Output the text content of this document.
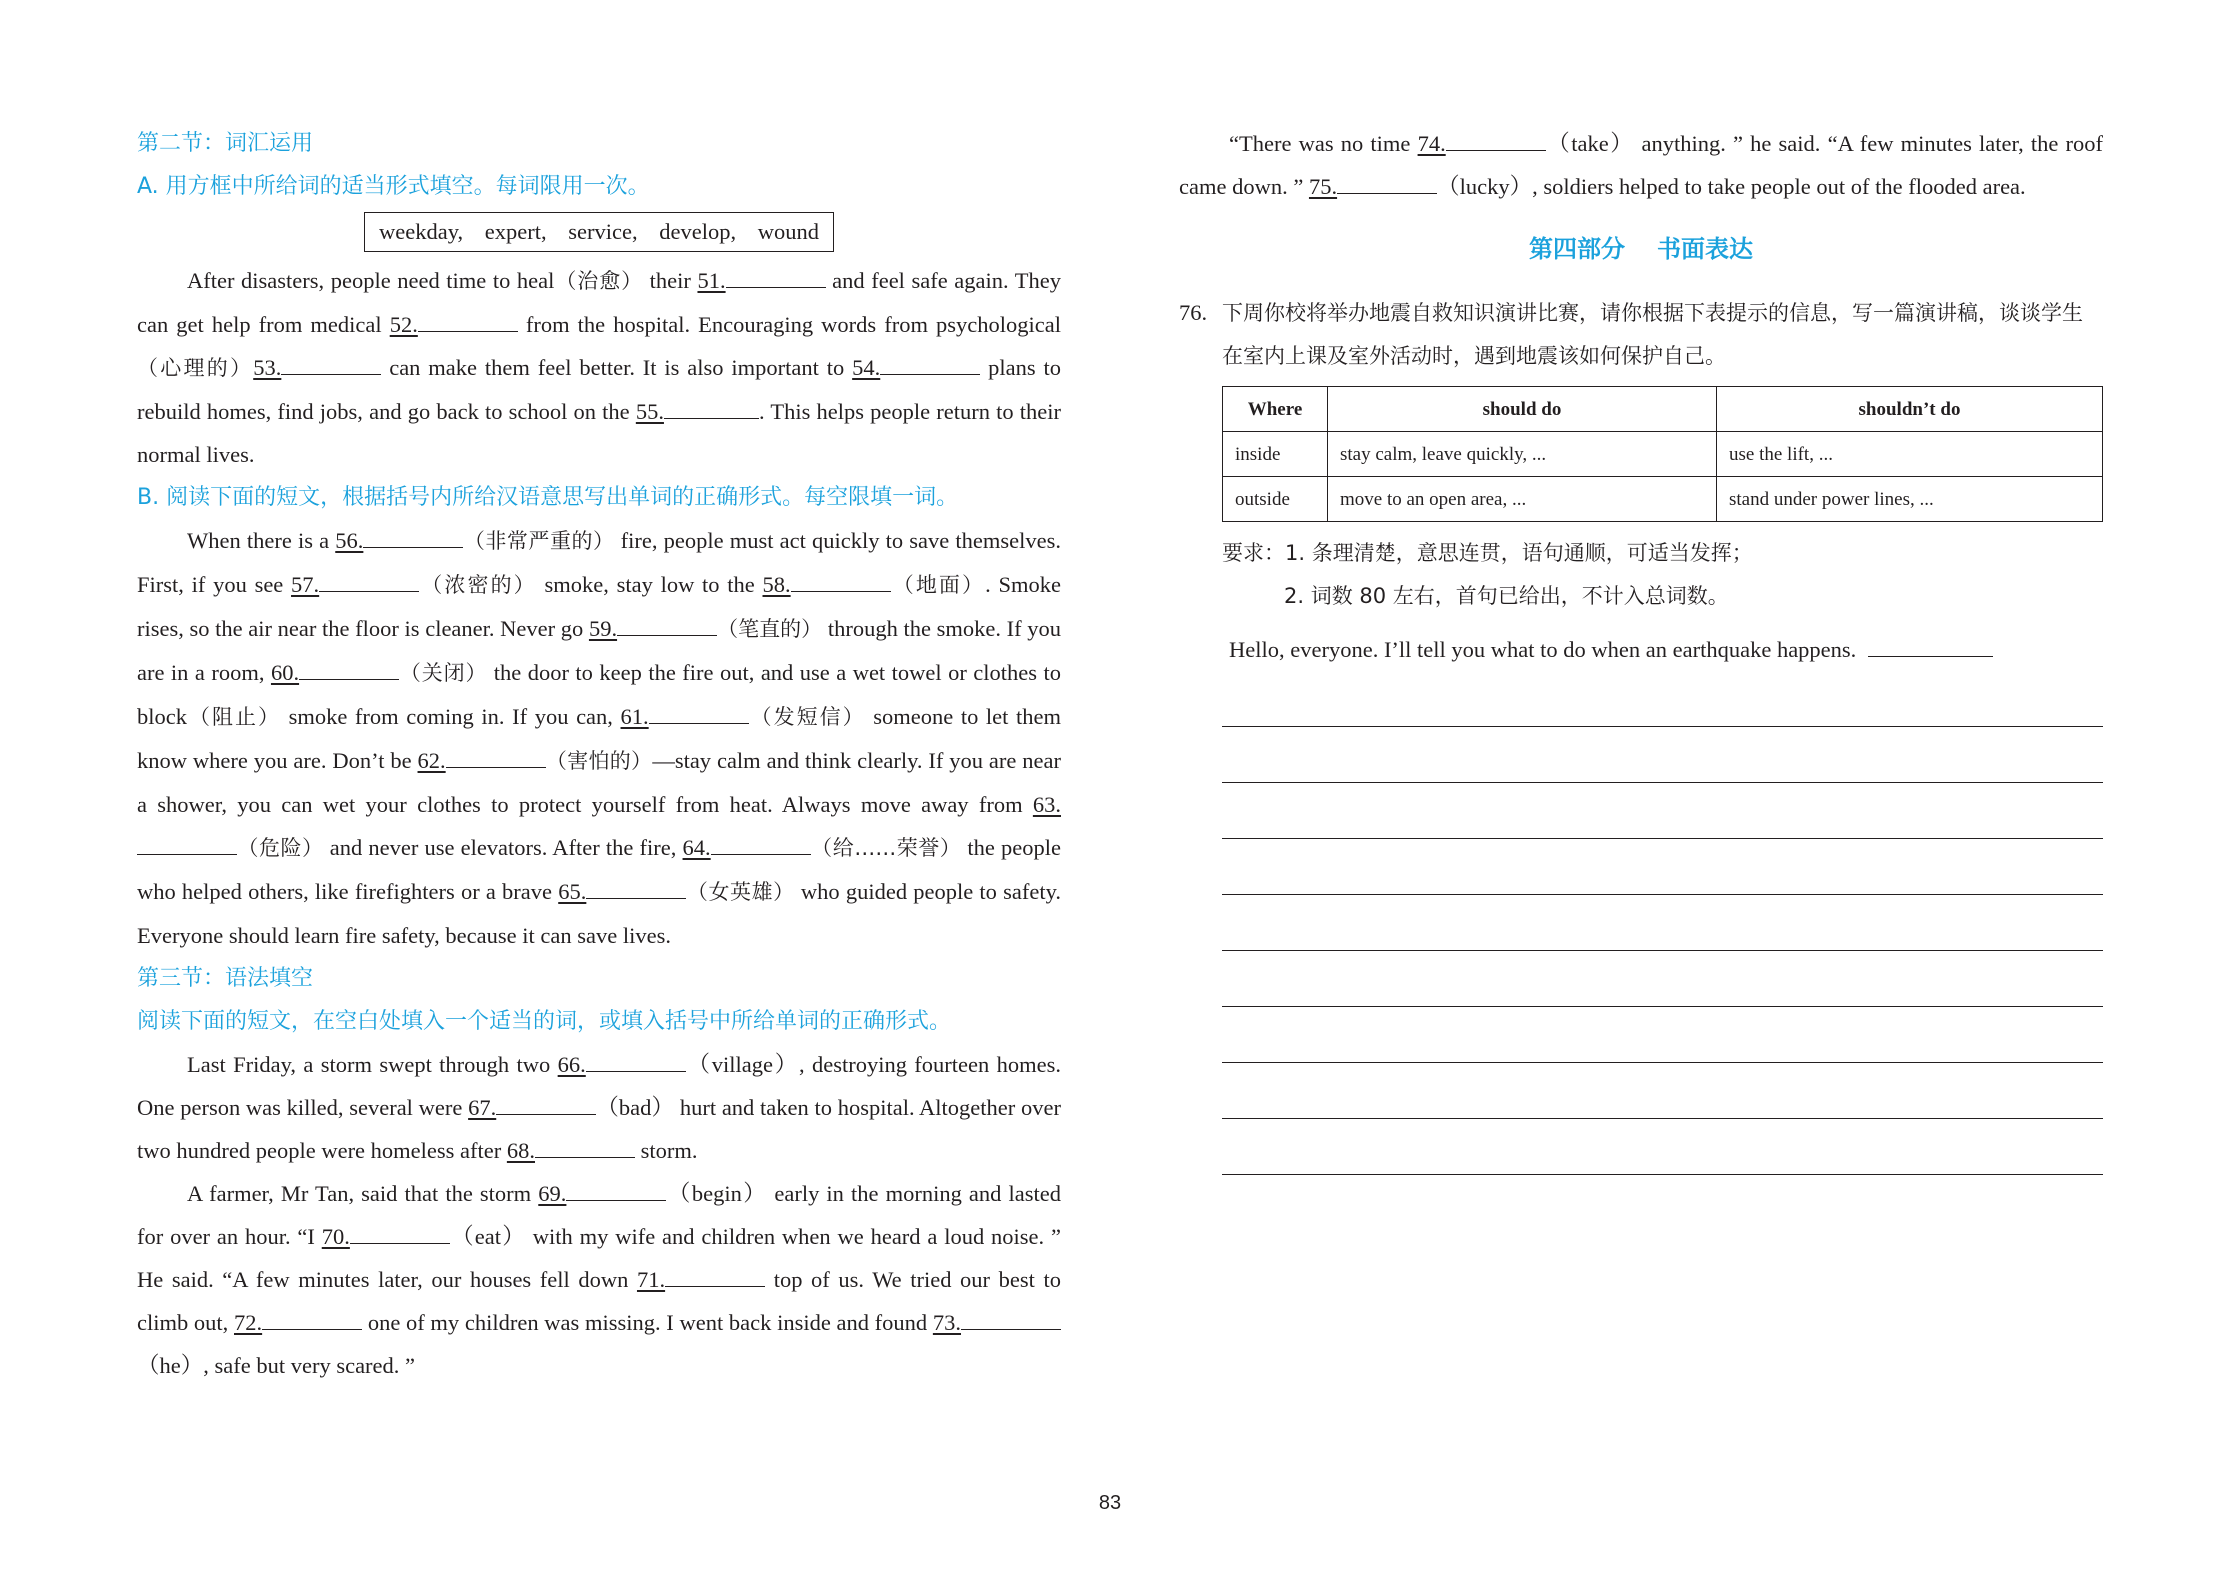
第二节：词汇运用
A. 用方框中所给词的适当形式填空。每词限用一次。
weekday, expert, service, develop, wound

After disasters, people need time to heal（治愈） their 51.	and feel safe again. They can get help from medical 52.	from the hospital. Encouraging words from psychological（心理的）53.	can make them feel better. It is also important to 54.	plans to rebuild homes, find jobs, and go back to school on the 55.	. This helps people return to their normal lives.

B. 阅读下面的短文，根据括号内所给汉语意思写出单词的正确形式。每空限填一词。

When there is a 56.	（非常严重的） fire, people must act quickly to save themselves. First, if you see 57.	（浓密的） smoke, stay low to the 58.	（地面）. Smoke rises, so the air near the floor is cleaner. Never go 59.	（笔直的） through the smoke. If you are in a room, 60.	（关闭） the door to keep the fire out, and use a wet towel or clothes to block（阻止） smoke from coming in. If you can, 61.	（发短信） someone to let them know where you are. Don’t be 62.	（害怕的）—stay calm and think clearly. If you are near a shower, you can wet your clothes to protect yourself from heat. Always move away from 63.（危险） and never use elevators. After the fire, 64.	（给……荣誉） the people who helped others, like firefighters or a brave 65.	（女英雄） who guided people to safety. Everyone should learn fire safety, because it can save lives.

第三节：语法填空
阅读下面的短文，在空白处填入一个适当的词，或填入括号中所给单词的正确形式。

Last Friday, a storm swept through two 66.	（village）, destroying fourteen homes. One person was killed, several were 67.	（bad） hurt and taken to hospital. Altogether over two hundred people were homeless after 68.	storm.

A farmer, Mr Tan, said that the storm 69.	（begin） early in the morning and lasted for over an hour. “I 70.	（eat） with my wife and children when we heard a loud noise. ” He said. “A few minutes later, our houses fell down 71.	top of us. We tried our best to climb out, 72.	one of my children was missing. I went back inside and found 73.（he）, safe but very scared. ”

“There was no time 74.	（take） anything. ” he said. “A few minutes later, the roof came down. ” 75.	（lucky）, soldiers helped to take people out of the flooded area.

第四部分 书面表达

76. 下周你校将举办地震自救知识演讲比赛，请你根据下表提示的信息，写一篇演讲稿，谈谈学生在室内上课及室外活动时，遇到地震该如何保护自己。

Where	should do	shouldn’t do
inside	stay calm, leave quickly, ...	use the lift, ...
outside	move to an open area, ...	stand under power lines, ...
要求：1. 条理清楚，意思连贯，语句通顺，可适当发挥；
2. 词数 80 左右，首句已给出，不计入总词数。
Hello, everyone. I’ll tell you what to do when an earthquake happens.
83
